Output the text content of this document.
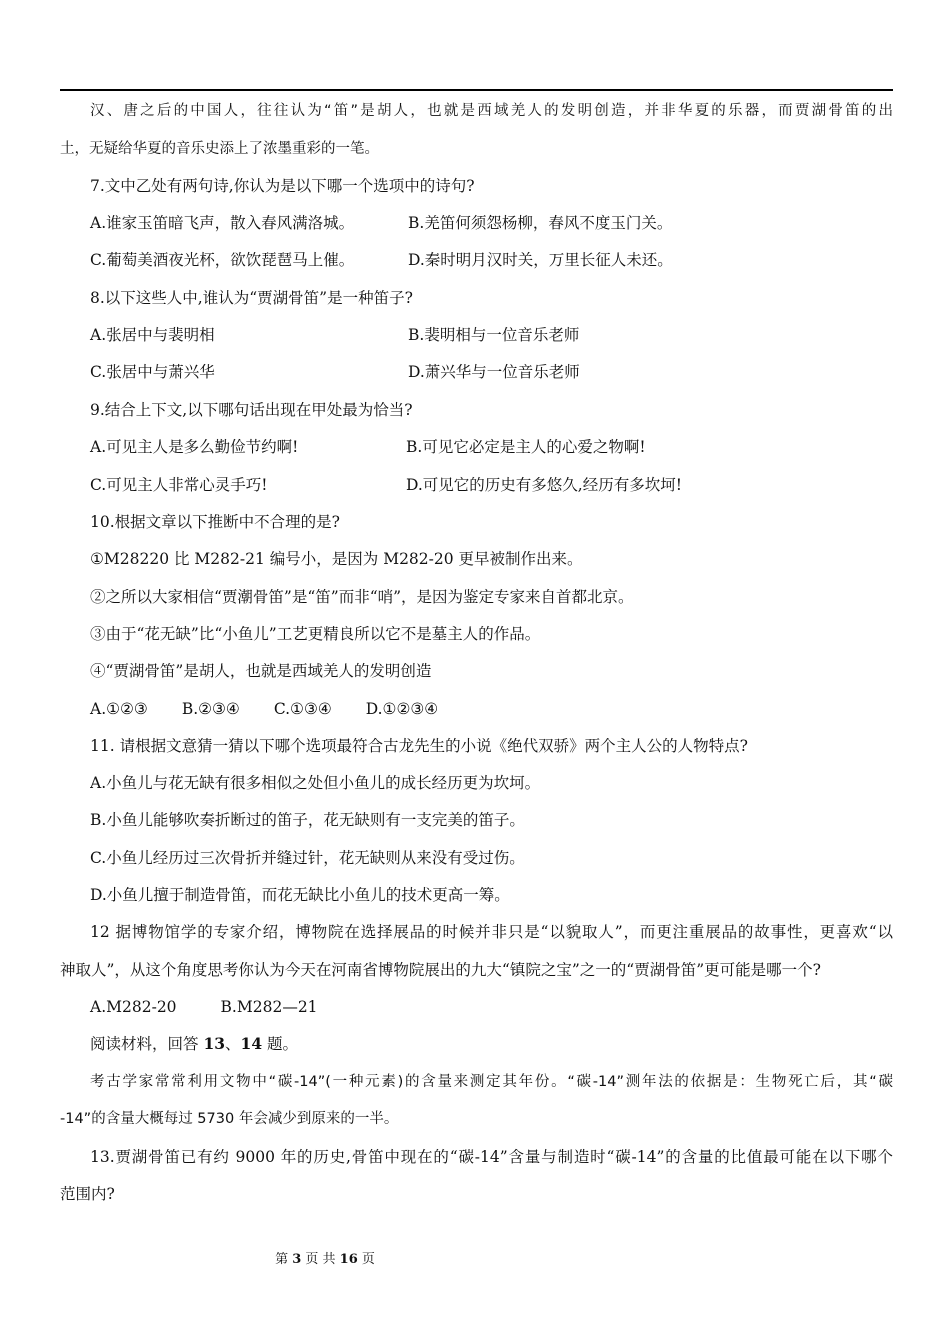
汉、唐之后的中国人，往往认为“笛”是胡人，也就是西域羌人的发明创造，并非华夏的乐器，而贾湖骨笛的出
土，无疑给华夏的音乐史添上了浓墨重彩的一笔。
7.文中乙处有两句诗,你认为是以下哪一个选项中的诗句?
A.谁家玉笛暗飞声，散入春风满洛城。	B.羌笛何须怨杨柳，春风不度玉门关。
C.葡萄美酒夜光杯，欲饮琵琶马上催。	D.秦时明月汉时关，万里长征人未还。
8.以下这些人中,谁认为“贾湖骨笛”是一种笛子?
A.张居中与裴明相	B.裴明相与一位音乐老师
C.张居中与萧兴华	D.萧兴华与一位音乐老师
9.结合上下文,以下哪句话出现在甲处最为恰当?
A.可见主人是多么勤俭节约啊!	B.可见它必定是主人的心爱之物啊!
C.可见主人非常心灵手巧!	D.可见它的历史有多悠久,经历有多坎坷!
10.根据文章以下推断中不合理的是?
①M28220 比 M282-21 编号小，是因为 M282-20 更早被制作出来。
②之所以大家相信“贾潮骨笛”是“笛”而非“哨”，是因为鉴定专家来自首都北京。
③由于“花无缺”比“小鱼儿”工艺更精良所以它不是墓主人的作品。
④“贾湖骨笛”是胡人，也就是西域羌人的发明创造
A.①②③ B.②③④ C.①③④ D.①②③④
11. 请根据文意猜一猜以下哪个选项最符合古龙先生的小说《绝代双骄》两个主人公的人物特点?
A.小鱼儿与花无缺有很多相似之处但小鱼儿的成长经历更为坎坷。
B.小鱼儿能够吹奏折断过的笛子，花无缺则有一支完美的笛子。
C.小鱼儿经历过三次骨折并缝过针，花无缺则从来没有受过伤。
D.小鱼儿擅于制造骨笛，而花无缺比小鱼儿的技术更高一筹。
12 据博物馆学的专家介绍，博物院在选择展品的时候并非只是“以貌取人”，而更注重展品的故事性，更喜欢“以
神取人”，从这个角度思考你认为今天在河南省博物院展出的九大“镇院之宝”之一的“贾湖骨笛”更可能是哪一个?
A.M282-20	B.M282—21
阅读材料，回答 13、14 题。
考古学家常常利用文物中“碳-14”(一种元素)的含量来测定其年份。“碳-14”测年法的依据是：生物死亡后，其“碳
-14”的含量大概每过 5730 年会减少到原来的一半。
13.贾湖骨笛已有约 9000 年的历史,骨笛中现在的“碳-14”含量与制造时“碳-14”的含量的比值最可能在以下哪个
范围内?
第 3 页 共 16 页
